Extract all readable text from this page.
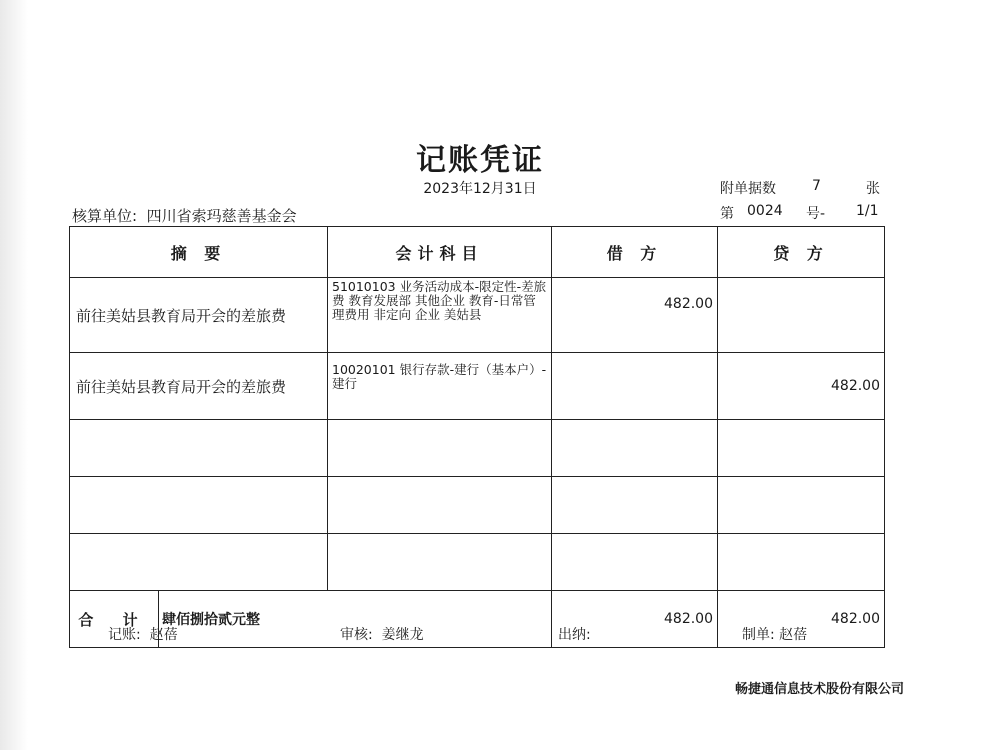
记账凭证
2023年12月31日	附单据数	7	张
核算单位: 四川省索玛慈善基金会	第 0024 号- 1/1
摘 要	会计科目	借 方	贷 方
前往美姑县教育局开会的差旅费	51010103 业务活动成本-限定性-差旅费 教育发展部 其他企业 教育-日常管理费用 非定向 企业 美姑县	482.00	
前往美姑县教育局开会的差旅费	10020101 银行存款-建行（基本户）-建行		482.00

合 计 肆佰捌拾贰元整		482.00	482.00
记账: 赵蓓	审核: 姜继龙	出纳:	制单: 赵蓓
畅捷通信息技术股份有限公司
